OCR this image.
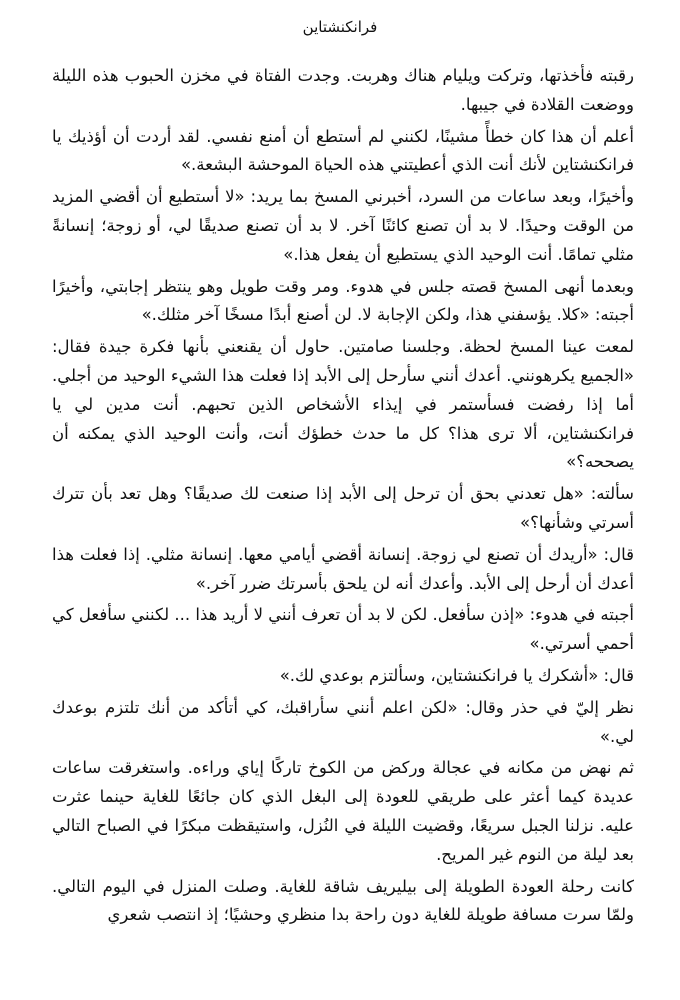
فرانكنشتاين

رقبته فأخذتها، وتركت ويليام هناك وهربت. وجدت الفتاة في مخزن الحبوب هذه الليلة ووضعت القلادة في جيبها.

أعلم أن هذا كان خطأً مشينًا، لكنني لم أستطع أن أمنع نفسي. لقد أردت أن أؤذيك يا فرانكنشتاين لأنك أنت الذي أعطيتني هذه الحياة الموحشة البشعة.»

وأخيرًا، وبعد ساعات من السرد، أخبرني المسخ بما يريد: «لا أستطيع أن أقضي المزيد من الوقت وحيدًا. لا بد أن تصنع كائنًا آخر. لا بد أن تصنع صديقًا لي، أو زوجة؛ إنسانةً مثلي تمامًا. أنت الوحيد الذي يستطيع أن يفعل هذا.»

وبعدما أنهى المسخ قصته جلس في هدوء. ومر وقت طويل وهو ينتظر إجابتي، وأخيرًا أجبته: «كلا. يؤسفني هذا، ولكن الإجابة لا. لن أصنع أبدًا مسخًا آخر مثلك.»

لمعت عينا المسخ لحظة. وجلسنا صامتين. حاول أن يقنعني بأنها فكرة جيدة فقال: «الجميع يكرهونني. أعدك أنني سأرحل إلى الأبد إذا فعلت هذا الشيء الوحيد من أجلي. أما إذا رفضت فسأستمر في إيذاء الأشخاص الذين تحبهم. أنت مدين لي يا فرانكنشتاين، ألا ترى هذا؟ كل ما حدث خطؤك أنت، وأنت الوحيد الذي يمكنه أن يصححه؟»

سألته: «هل تعدني بحق أن ترحل إلى الأبد إذا صنعت لك صديقًا؟ وهل تعد بأن تترك أسرتي وشأنها؟»

قال: «أريدك أن تصنع لي زوجة. إنسانة أقضي أيامي معها. إنسانة مثلي. إذا فعلت هذا أعدك أن أرحل إلى الأبد. وأعدك أنه لن يلحق بأسرتك ضرر آخر.»

أجبته في هدوء: «إذن سأفعل. لكن لا بد أن تعرف أنني لا أريد هذا ... لكنني سأفعل كي أحمي أسرتي.»

قال: «أشكرك يا فرانكنشتاين، وسألتزم بوعدي لك.»

نظر إليّ في حذر وقال: «لكن اعلم أنني سأراقبك، كي أتأكد من أنك تلتزم بوعدك لي.»

ثم نهض من مكانه في عجالة وركض من الكوخ تاركًا إياي وراءه. واستغرقت ساعات عديدة كيما أعثر على طريقي للعودة إلى البغل الذي كان جائعًا للغاية حينما عثرت عليه. نزلنا الجبل سريعًا، وقضيت الليلة في النُزل، واستيقظت مبكرًا في الصباح التالي بعد ليلة من النوم غير المريح.

كانت رحلة العودة الطويلة إلى بيليريف شاقة للغاية. وصلت المنزل في اليوم التالي. ولمّا سرت مسافة طويلة للغاية دون راحة بدا منظري وحشيًا؛ إذ انتصب شعري
